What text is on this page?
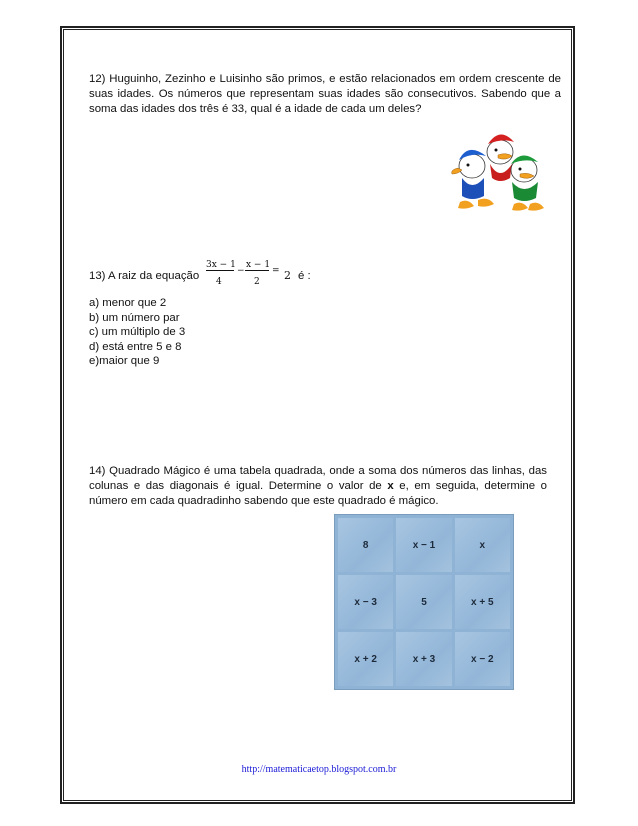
12) Huguinho, Zezinho e Luisinho são primos, e estão relacionados em ordem crescente de suas idades. Os números que representam suas idades são consecutivos. Sabendo que a soma das idades dos três é 33, qual é a idade de cada um deles?
13) A raiz da equação
3x − 1
4
−
x − 1
2
= 2 é :
a) menor que 2
b) um número par
c) um múltiplo de 3
d) está entre 5 e 8
e)maior que 9
14) Quadrado Mágico é uma tabela quadrada, onde a soma dos números das linhas, das colunas e das diagonais é igual. Determine o valor de x e, em seguida, determine o número em cada quadradinho sabendo que este quadrado é mágico.
8	x − 1	x
x − 3	5	x + 5
x + 2	x + 3	x − 2
http://matematicaetop.blogspot.com.br
